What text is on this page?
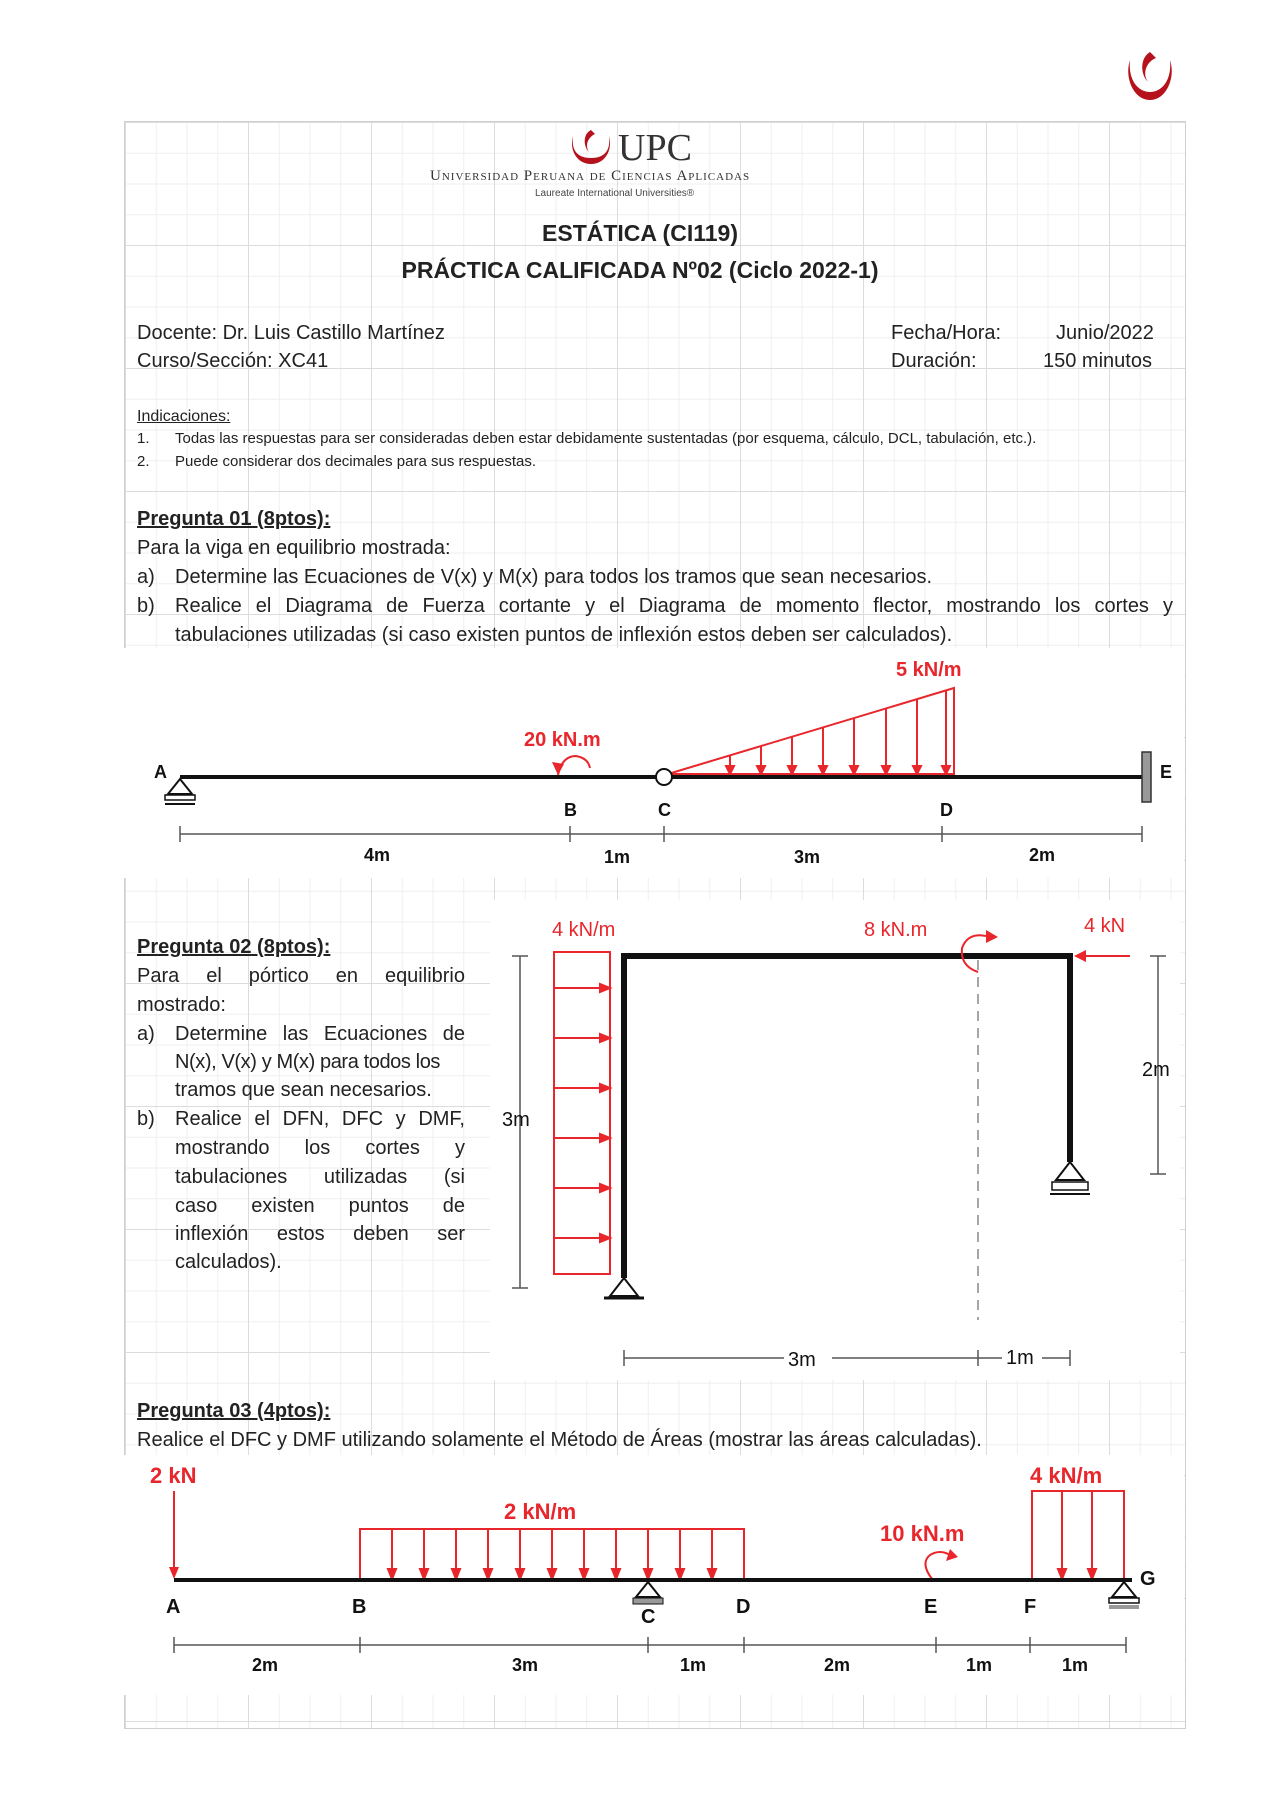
UPC
Universidad Peruana de Ciencias Aplicadas
Laureate International Universities®
ESTÁTICA (CI119)
PRÁCTICA CALIFICADA Nº02 (Ciclo 2022-1)
Docente: Dr. Luis Castillo Martínez
Curso/Sección: XC41
Fecha/Hora:	Junio/2022
Duración:	150 minutos
Indicaciones:
1. Todas las respuestas para ser consideradas deben estar debidamente sustentadas (por esquema, cálculo, DCL, tabulación, etc.).
2. Puede considerar dos decimales para sus respuestas.
Pregunta 01 (8ptos):
Para la viga en equilibrio mostrada:
a) Determine las Ecuaciones de V(x) y M(x) para todos los tramos que sean necesarios.
b) Realice el Diagrama de Fuerza cortante y el Diagrama de momento flector, mostrando los cortes y
tabulaciones utilizadas (si caso existen puntos de inflexión estos deben ser calculados).
5 kN/m
20 kN.m
A
B	C	D
E
4m	1m	3m	2m
Pregunta 02 (8ptos):
Para el pórtico en equilibrio
mostrado:
a) Determine las Ecuaciones de
N(x), V(x) y M(x) para todos los
tramos que sean necesarios.
b) Realice el DFN, DFC y DMF,
mostrando los cortes y
tabulaciones utilizadas (si
caso existen puntos de
inflexión estos deben ser
calculados).
4 kN/m	8 kN.m	4 kN
3m
2m
3m	1m
Pregunta 03 (4ptos):
Realice el DFC y DMF utilizando solamente el Método de Áreas (mostrar las áreas calculadas).
2 kN
2 kN/m
4 kN/m
10 kN.m
A	B	C	D	E	F
G
2m	3m	1m	2m	1m	1m
